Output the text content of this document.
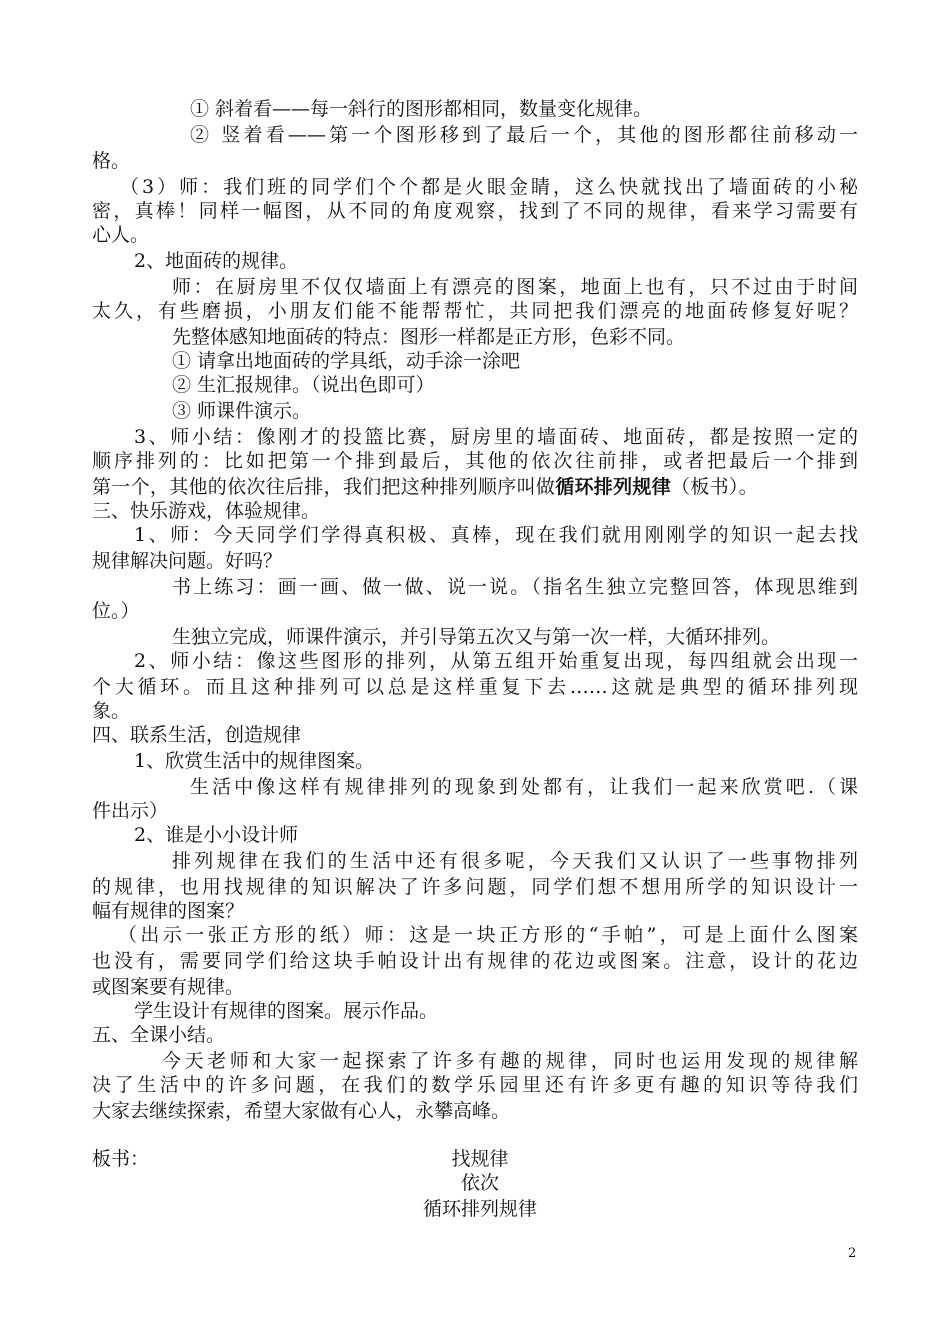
① 斜着看——每一斜行的图形都相同，数量变化规律。
② 竖着看——第一个图形移到了最后一个，其他的图形都往前移动一
格。
（3）师：我们班的同学们个个都是火眼金睛，这么快就找出了墙面砖的小秘
密，真棒！同样一幅图，从不同的角度观察，找到了不同的规律，看来学习需要有
心人。
2、地面砖的规律。
师：在厨房里不仅仅墙面上有漂亮的图案，地面上也有，只不过由于时间
太久，有些磨损，小朋友们能不能帮帮忙，共同把我们漂亮的地面砖修复好呢？
先整体感知地面砖的特点：图形一样都是正方形，色彩不同。
① 请拿出地面砖的学具纸，动手涂一涂吧
② 生汇报规律。（说出色即可）
③ 师课件演示。
3、师小结：像刚才的投篮比赛，厨房里的墙面砖、地面砖，都是按照一定的
顺序排列的：比如把第一个排到最后，其他的依次往前排，或者把最后一个排到
第一个，其他的依次往后排，我们把这种排列顺序叫做循环排列规律（板书）。
三、快乐游戏，体验规律。
1、师：今天同学们学得真积极、真棒，现在我们就用刚刚学的知识一起去找
规律解决问题。好吗？
书上练习：画一画、做一做、说一说。（指名生独立完整回答，体现思维到
位。）
生独立完成，师课件演示，并引导第五次又与第一次一样，大循环排列。
2、师小结：像这些图形的排列，从第五组开始重复出现，每四组就会出现一
个大循环。而且这种排列可以总是这样重复下去……这就是典型的循环排列现
象。
四、联系生活，创造规律
1、欣赏生活中的规律图案。
生活中像这样有规律排列的现象到处都有，让我们一起来欣赏吧.（课
件出示）
2、谁是小小设计师
排列规律在我们的生活中还有很多呢，今天我们又认识了一些事物排列
的规律，也用找规律的知识解决了许多问题，同学们想不想用所学的知识设计一
幅有规律的图案？
（出示一张正方形的纸）师：这是一块正方形的“手帕”，可是上面什么图案
也没有，需要同学们给这块手帕设计出有规律的花边或图案。注意，设计的花边
或图案要有规律。
学生设计有规律的图案。展示作品。
五、全课小结。
今天老师和大家一起探索了许多有趣的规律，同时也运用发现的规律解
决了生活中的许多问题，在我们的数学乐园里还有许多更有趣的知识等待我们
大家去继续探索，希望大家做有心人，永攀高峰。
板书：	找规律
依次
循环排列规律
2
